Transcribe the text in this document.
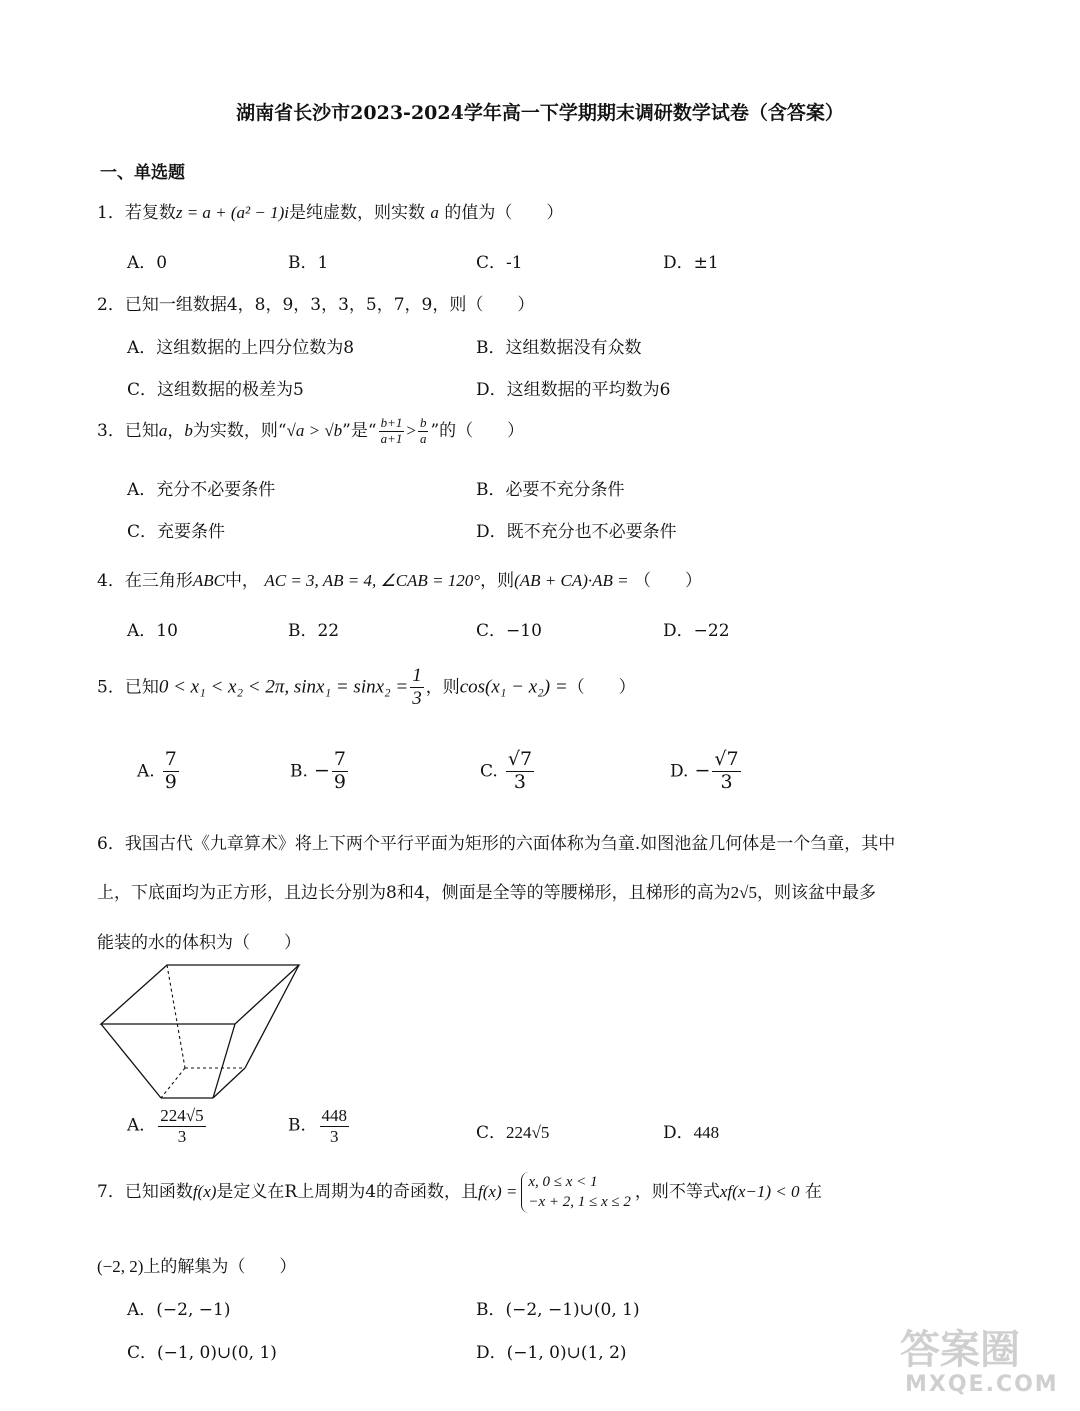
湖南省长沙市2023-2024学年高一下学期期末调研数学试卷（含答案）
一、单选题
1．若复数z = a + (a² − 1)i是纯虚数，则实数 a 的值为（　　）
A．0	B．1	C．-1	D．±1
2．已知一组数据4，8，9，3，3，5，7，9，则（　　）
A．这组数据的上四分位数为8	B．这组数据没有众数
C．这组数据的极差为5	D．这组数据的平均数为6
3．已知a，b为实数，则“√a > √b”是“ $\frac{b+1}{a+1} > \frac{b}{a}$ ”的（　　）
A．充分不必要条件	B．必要不充分条件
C．充要条件	D．既不充分也不必要条件
4．在三角形ABC中， AC = 3, AB = 4, ∠CAB = 120°，则(AB + CA)·AB = （　　）
A．10	B．22	C．−10	D．−22
5．已知0 < x₁ < x₂ < 2π, $\sin x_1 = \sin x_2 = \frac{1}{3}$ ，则cos(x₁ − x₂) =（　　）
A. $\frac{7}{9}$	B. − $\frac{7}{9}$	C. $\frac{√7}{3}$	D. − $\frac{√7}{3}$
6．我国古代《九章算术》将上下两个平行平面为矩形的六面体称为刍童.如图池盆几何体是一个刍童，其中
上，下底面均为正方形，且边长分别为8和4，侧面是全等的等腰梯形，且梯形的高为2√5，则该盆中最多
能装的水的体积为（　　）
A． $\frac{224√5}{3}$	B． $\frac{448}{3}$	C．224√5	D．448
7．已知函数f(x)是定义在R上周期为4的奇函数，且f(x) = x, 0 ≤ x < 1
−x + 2, 1 ≤ x ≤ 2
，则不等式xf(x−1) < 0 在
(−2, 2)上的解集为（　　）
A．(−2, −1)	B．(−2, −1)∪(0, 1)
C．(−1, 0)∪(0, 1)	D．(−1, 0)∪(1, 2)	答案圈
MXQE.COM
